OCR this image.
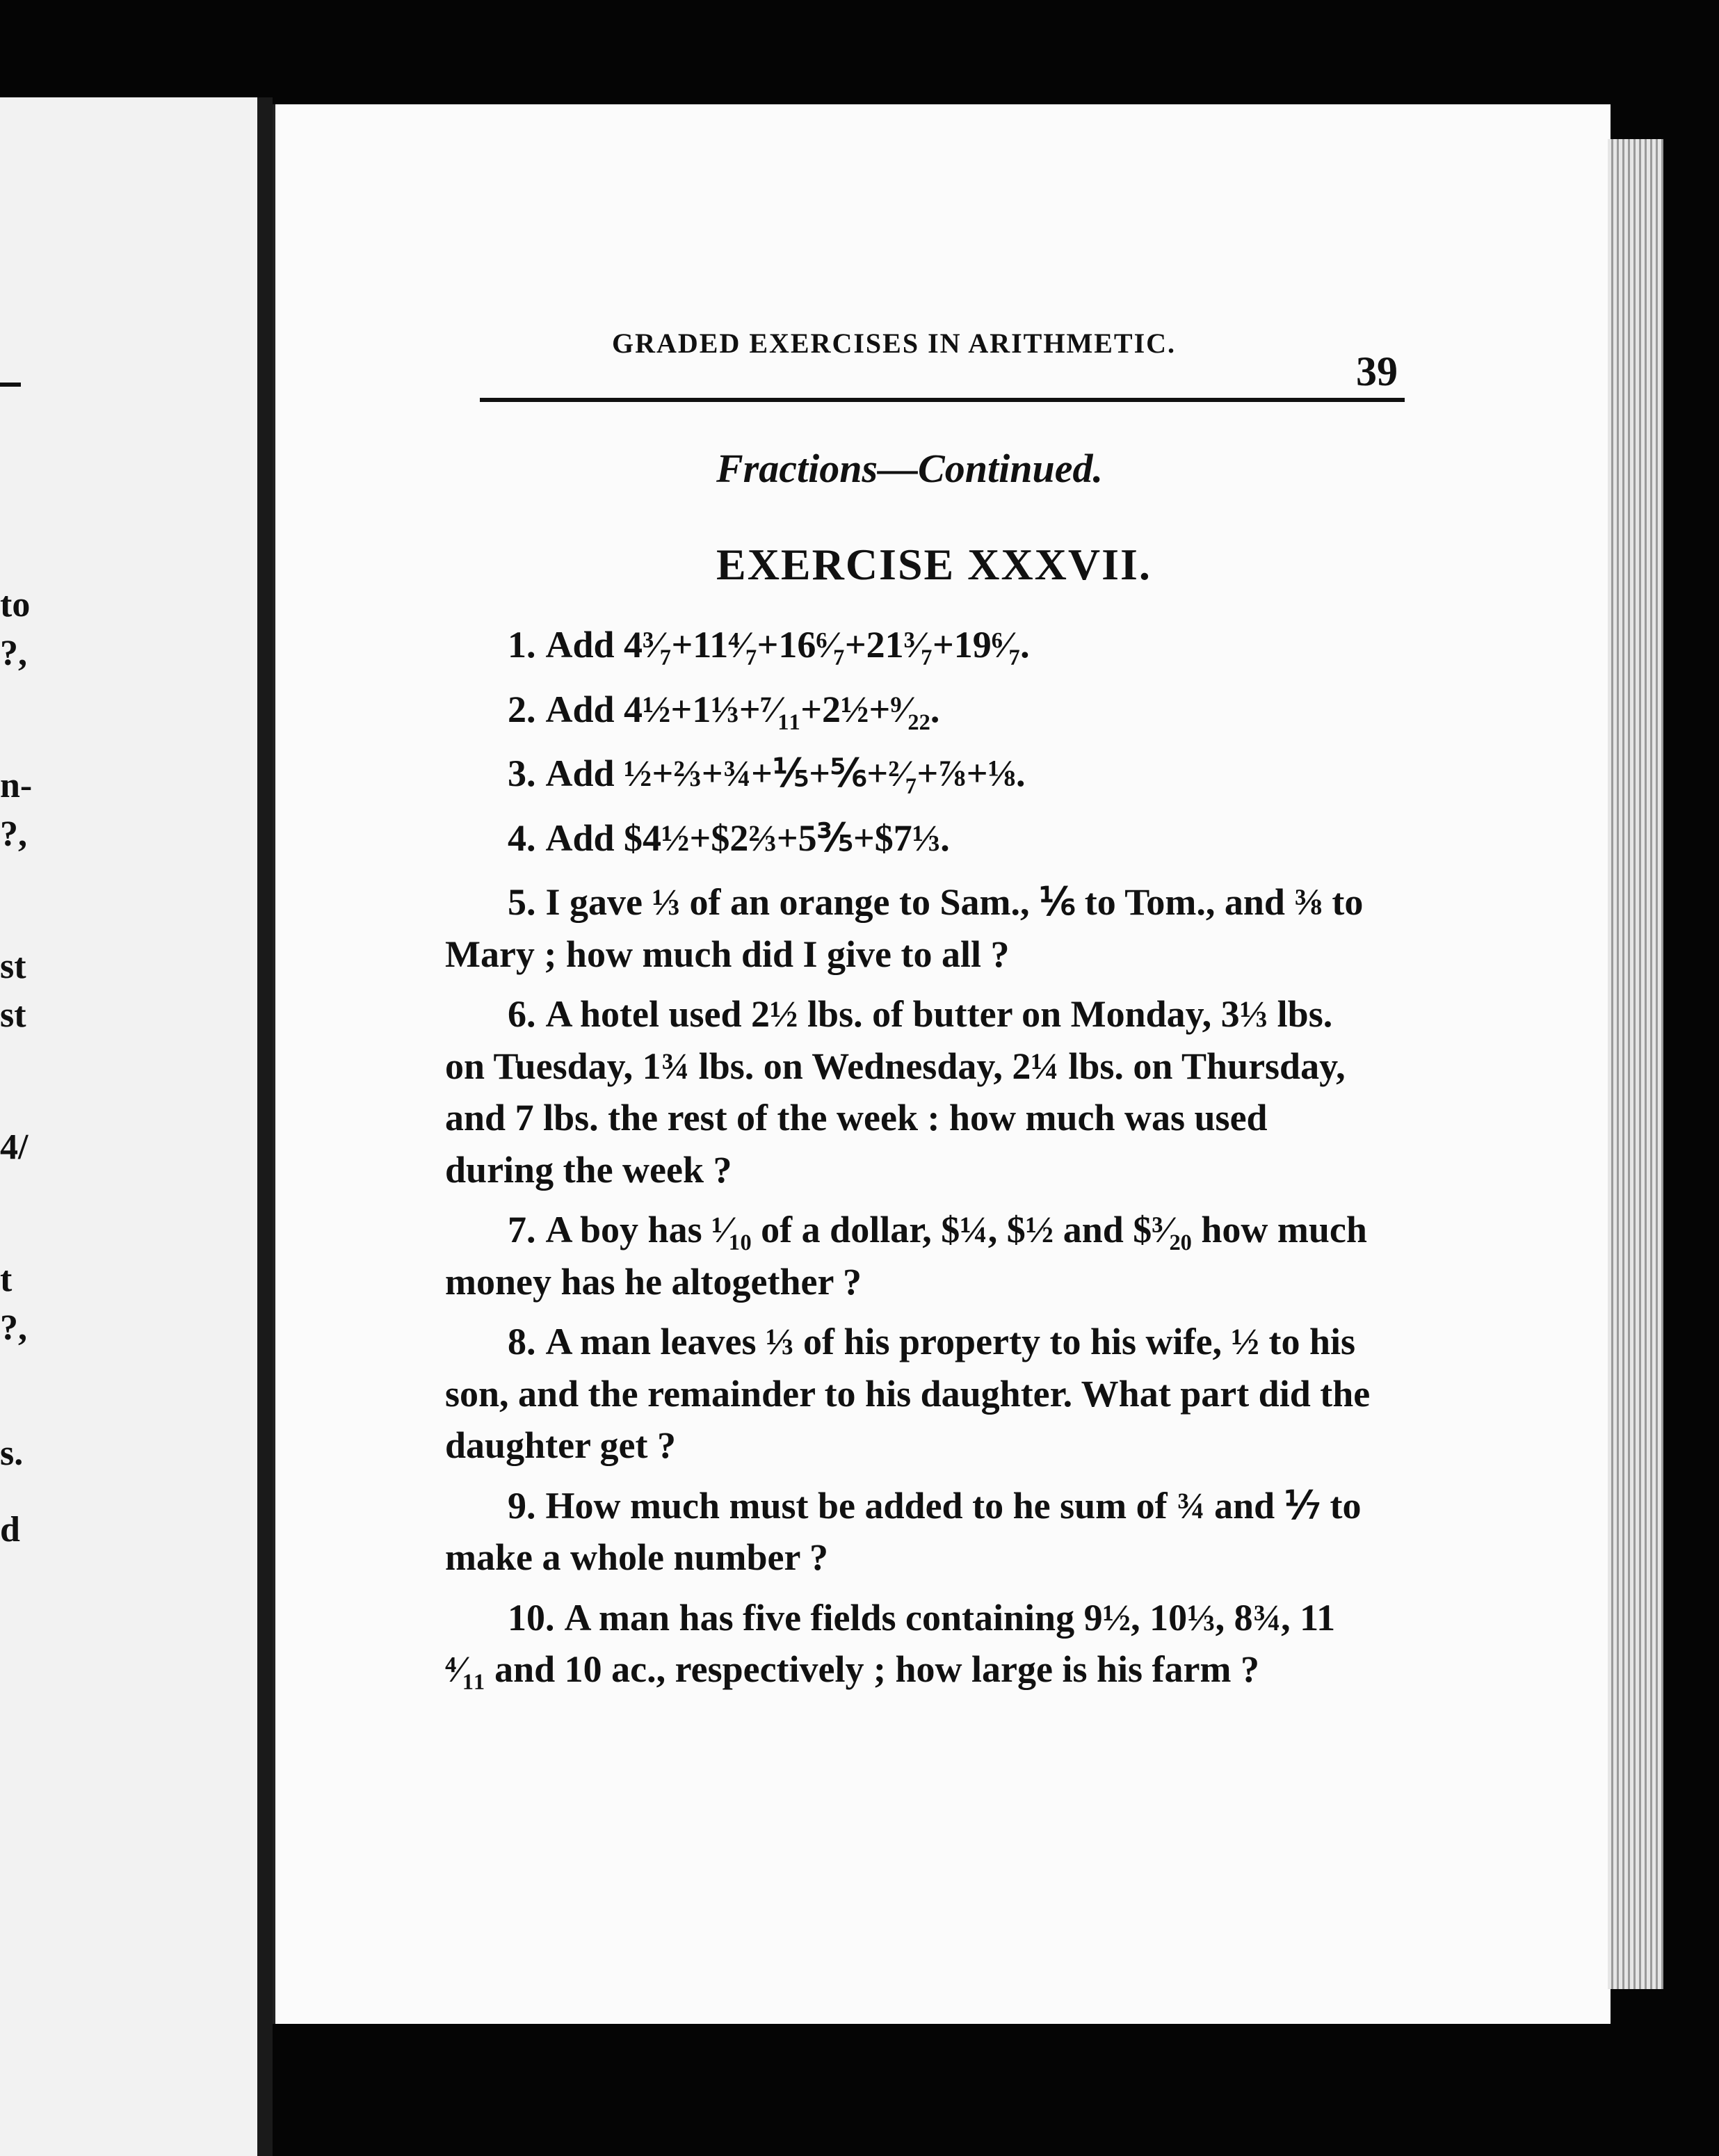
to
?,
n-
?,
st
st
4/
t
?,
s.
d
GRADED EXERCISES IN ARITHMETIC.
39
Fractions—Continued.
EXERCISE XXXVII.

1. Add 4³⁄₇+11⁴⁄₇+16⁶⁄₇+21³⁄₇+19⁶⁄₇.

2. Add 4½+1⅓+⁷⁄₁₁+2½+⁹⁄₂₂.

3. Add ½+⅔+¾+⅕+⅚+²⁄₇+⅞+⅛.

4. Add $4½+$2⅔+5⅗+$7⅓.

5. I gave ⅓ of an orange to Sam., ⅙ to Tom., and ⅜ to Mary ; how much did I give to all ?

6. A hotel used 2½ lbs. of butter on Monday, 3⅓ lbs. on Tuesday, 1¾ lbs. on Wednesday, 2¼ lbs. on Thursday, and 7 lbs. the rest of the week : how much was used during the week ?

7. A boy has ¹⁄₁₀ of a dollar, $¼, $½ and $³⁄₂₀ how much money has he altogether ?

8. A man leaves ⅓ of his property to his wife, ½ to his son, and the remainder to his daughter. What part did the daughter get ?

9. How much must be added to he sum of ¾ and ⅐ to make a whole number ?

10. A man has five fields containing 9½, 10⅓, 8¾, 11 ⁴⁄₁₁ and 10 ac., respectively ; how large is his farm ?
